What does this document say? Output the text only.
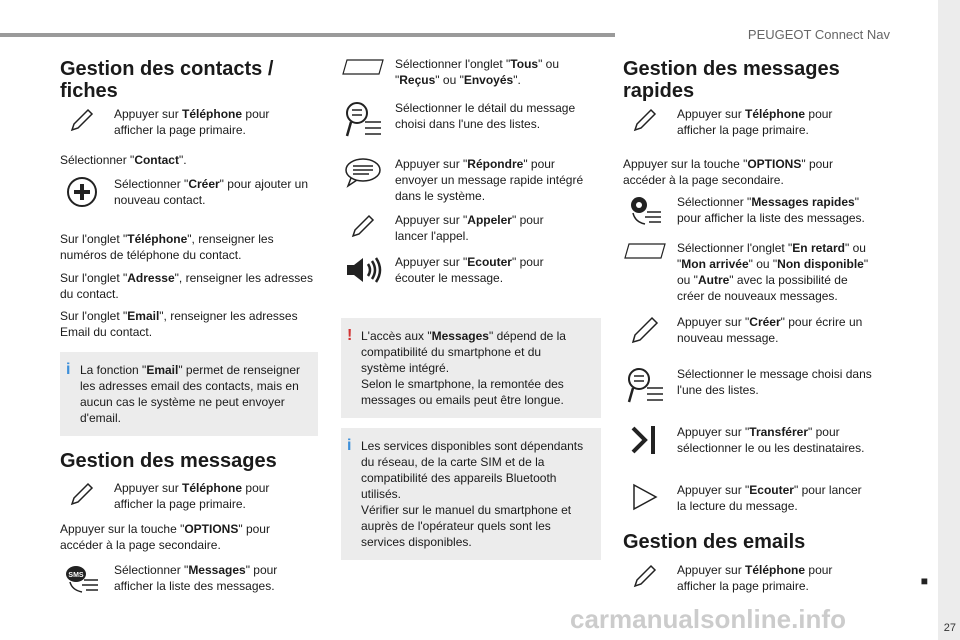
PEUGEOT Connect Nav
27
■
carmanualsonline.info
Gestion des contacts / fiches
Appuyer sur Téléphone pour afficher la page primaire.

Sélectionner "Contact".

Sélectionner "Créer" pour ajouter un nouveau contact.

Sur l'onglet "Téléphone", renseigner les numéros de téléphone du contact.

Sur l'onglet "Adresse", renseigner les adresses du contact.

Sur l'onglet "Email", renseigner les adresses Email du contact.

i La fonction "Email" permet de renseigner les adresses email des contacts, mais en aucun cas le système ne peut envoyer d'email.
Gestion des messages
Appuyer sur Téléphone pour afficher la page primaire.

Appuyer sur la touche "OPTIONS" pour accéder à la page secondaire.

SMS	Sélectionner "Messages" pour afficher la liste des messages.
Sélectionner l'onglet "Tous" ou "Reçus" ou "Envoyés".
Sélectionner le détail du message choisi dans l'une des listes.
Appuyer sur "Répondre" pour envoyer un message rapide intégré dans le système.
Appuyer sur "Appeler" pour lancer l'appel.
Appuyer sur "Ecouter" pour écouter le message.
! L'accès aux "Messages" dépend de la compatibilité du smartphone et du système intégré.
Selon le smartphone, la remontée des messages ou emails peut être longue.
i Les services disponibles sont dépendants du réseau, de la carte SIM et de la compatibilité des appareils Bluetooth utilisés.
Vérifier sur le manuel du smartphone et auprès de l'opérateur quels sont les services disponibles.
Gestion des messages rapides
Appuyer sur Téléphone pour afficher la page primaire.

Appuyer sur la touche "OPTIONS" pour accéder à la page secondaire.

Sélectionner "Messages rapides" pour afficher la liste des messages.
Sélectionner l'onglet "En retard" ou "Mon arrivée" ou "Non disponible" ou "Autre" avec la possibilité de créer de nouveaux messages.
Appuyer sur "Créer" pour écrire un nouveau message.
Sélectionner le message choisi dans l'une des listes.
Appuyer sur "Transférer" pour sélectionner le ou les destinataires.
Appuyer sur "Ecouter" pour lancer la lecture du message.
Gestion des emails
Appuyer sur Téléphone pour afficher la page primaire.
